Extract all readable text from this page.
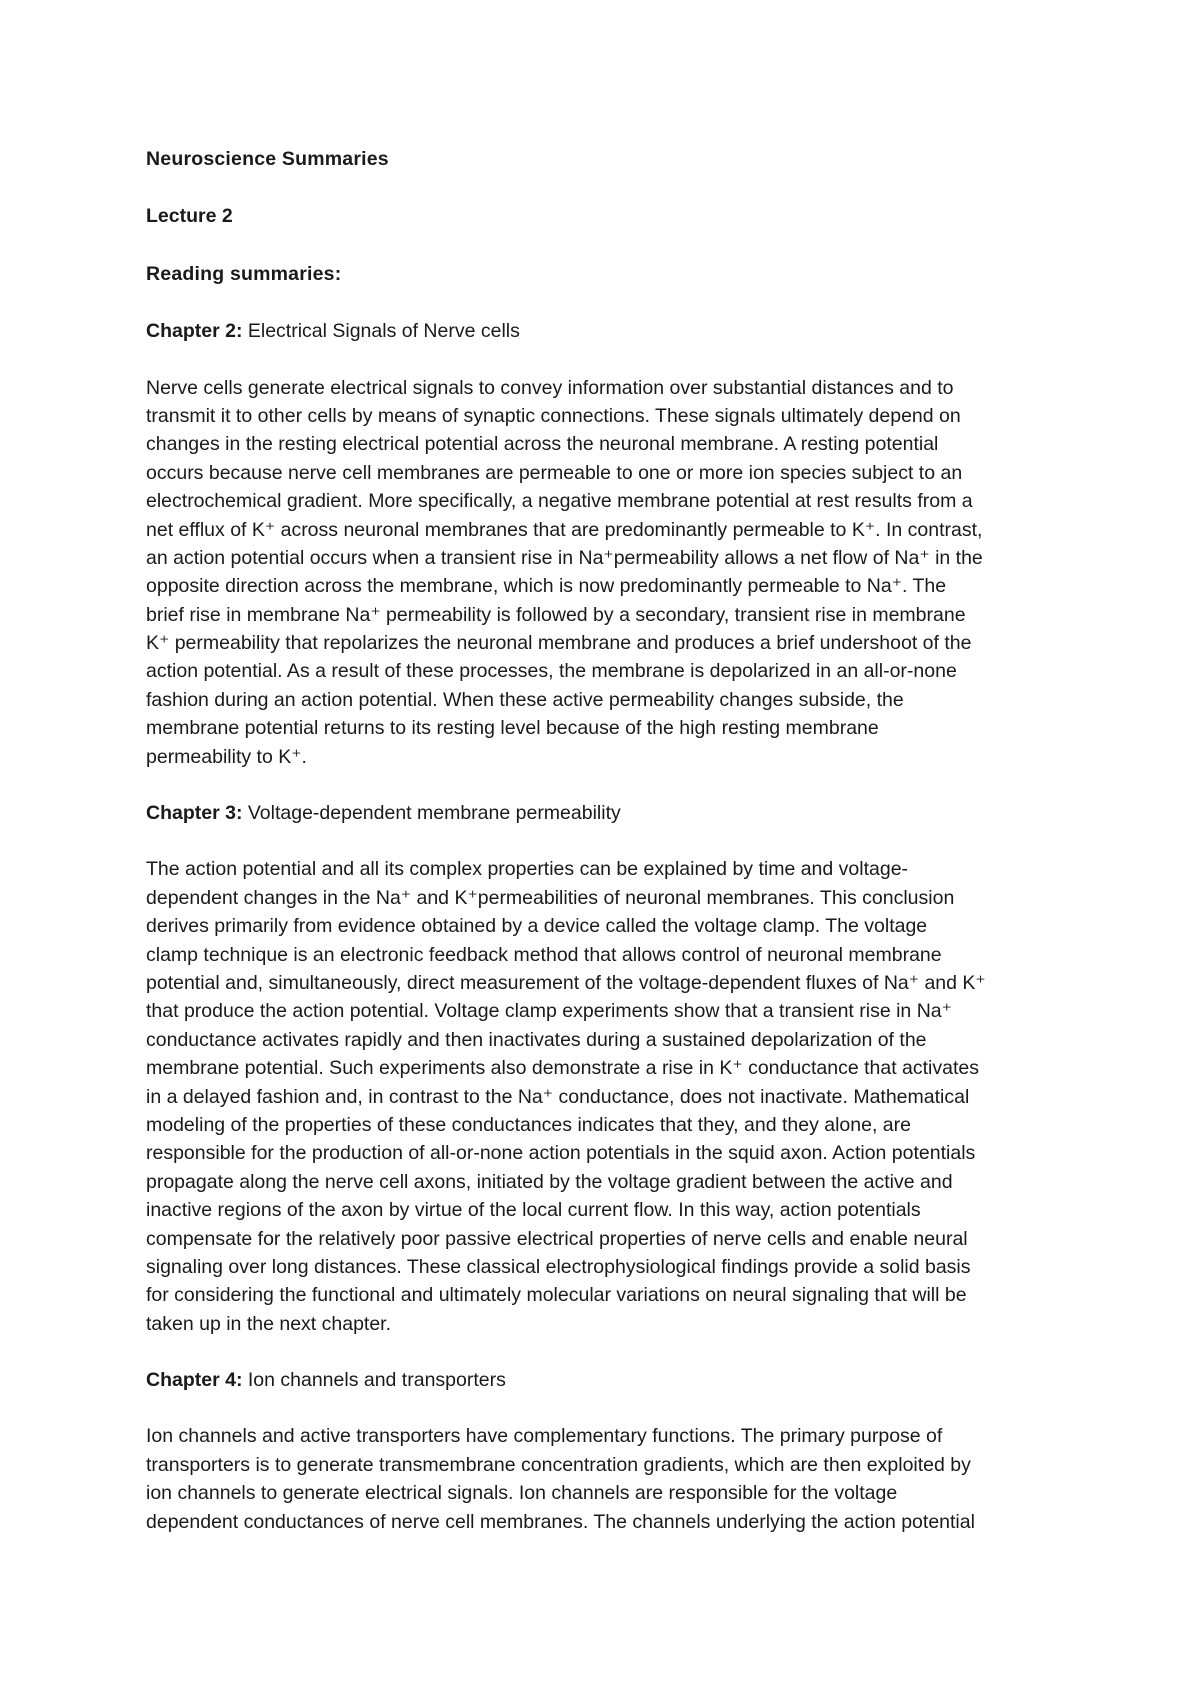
Neuroscience Summaries

Lecture 2

Reading summaries:

Chapter 2: Electrical Signals of Nerve cells

Nerve cells generate electrical signals to convey information over substantial distances and to
transmit it to other cells by means of synaptic connections. These signals ultimately depend on
changes in the resting electrical potential across the neuronal membrane. A resting potential
occurs because nerve cell membranes are permeable to one or more ion species subject to an
electrochemical gradient. More specifically, a negative membrane potential at rest results from a
net efflux of K⁺ across neuronal membranes that are predominantly permeable to K⁺. In contrast,
an action potential occurs when a transient rise in Na⁺permeability allows a net flow of Na⁺ in the
opposite direction across the membrane, which is now predominantly permeable to Na⁺. The
brief rise in membrane Na⁺ permeability is followed by a secondary, transient rise in membrane
K⁺ permeability that repolarizes the neuronal membrane and produces a brief undershoot of the
action potential. As a result of these processes, the membrane is depolarized in an all-or-none
fashion during an action potential. When these active permeability changes subside, the
membrane potential returns to its resting level because of the high resting membrane
permeability to K⁺.

Chapter 3: Voltage-dependent membrane permeability

The action potential and all its complex properties can be explained by time and voltage-
dependent changes in the Na⁺ and K⁺permeabilities of neuronal membranes. This conclusion
derives primarily from evidence obtained by a device called the voltage clamp. The voltage
clamp technique is an electronic feedback method that allows control of neuronal membrane
potential and, simultaneously, direct measurement of the voltage-dependent fluxes of Na⁺ and K⁺
that produce the action potential. Voltage clamp experiments show that a transient rise in Na⁺
conductance activates rapidly and then inactivates during a sustained depolarization of the
membrane potential. Such experiments also demonstrate a rise in K⁺ conductance that activates
in a delayed fashion and, in contrast to the Na⁺ conductance, does not inactivate. Mathematical
modeling of the properties of these conductances indicates that they, and they alone, are
responsible for the production of all-or-none action potentials in the squid axon. Action potentials
propagate along the nerve cell axons, initiated by the voltage gradient between the active and
inactive regions of the axon by virtue of the local current flow. In this way, action potentials
compensate for the relatively poor passive electrical properties of nerve cells and enable neural
signaling over long distances. These classical electrophysiological findings provide a solid basis
for considering the functional and ultimately molecular variations on neural signaling that will be
taken up in the next chapter.

Chapter 4: Ion channels and transporters

Ion channels and active transporters have complementary functions. The primary purpose of
transporters is to generate transmembrane concentration gradients, which are then exploited by
ion channels to generate electrical signals. Ion channels are responsible for the voltage
dependent conductances of nerve cell membranes. The channels underlying the action potential
